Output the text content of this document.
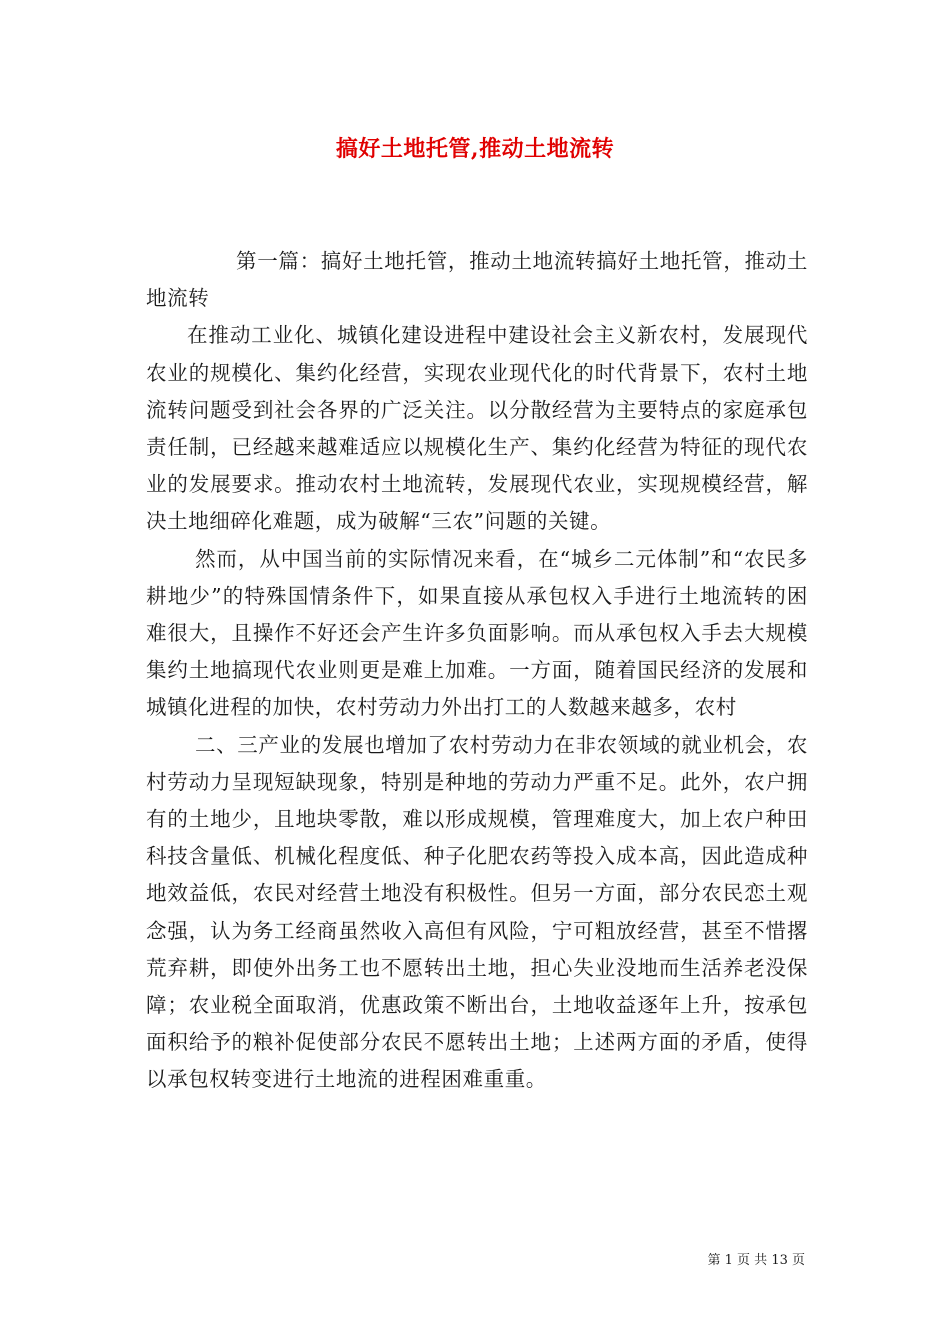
搞好土地托管,推动土地流转

第一篇：搞好土地托管，推动土地流转搞好土地托管，推动土地流转

在推动工业化、城镇化建设进程中建设社会主义新农村，发展现代农业的规模化、集约化经营，实现农业现代化的时代背景下，农村土地流转问题受到社会各界的广泛关注。以分散经营为主要特点的家庭承包责任制，已经越来越难适应以规模化生产、集约化经营为特征的现代农业的发展要求。推动农村土地流转，发展现代农业，实现规模经营，解决土地细碎化难题，成为破解“三农”问题的关键。

然而，从中国当前的实际情况来看，在“城乡二元体制”和“农民多耕地少”的特殊国情条件下，如果直接从承包权入手进行土地流转的困难很大，且操作不好还会产生许多负面影响。而从承包权入手去大规模集约土地搞现代农业则更是难上加难。一方面，随着国民经济的发展和城镇化进程的加快，农村劳动力外出打工的人数越来越多，农村

二、三产业的发展也增加了农村劳动力在非农领域的就业机会，农村劳动力呈现短缺现象，特别是种地的劳动力严重不足。此外，农户拥有的土地少，且地块零散，难以形成规模，管理难度大，加上农户种田科技含量低、机械化程度低、种子化肥农药等投入成本高，因此造成种地效益低，农民对经营土地没有积极性。但另一方面，部分农民恋土观念强，认为务工经商虽然收入高但有风险，宁可粗放经营，甚至不惜撂荒弃耕，即使外出务工也不愿转出土地，担心失业没地而生活养老没保障；农业税全面取消，优惠政策不断出台，土地收益逐年上升，按承包面积给予的粮补促使部分农民不愿转出土地；上述两方面的矛盾，使得以承包权转变进行土地流的进程困难重重。

第 1 页 共 13 页
